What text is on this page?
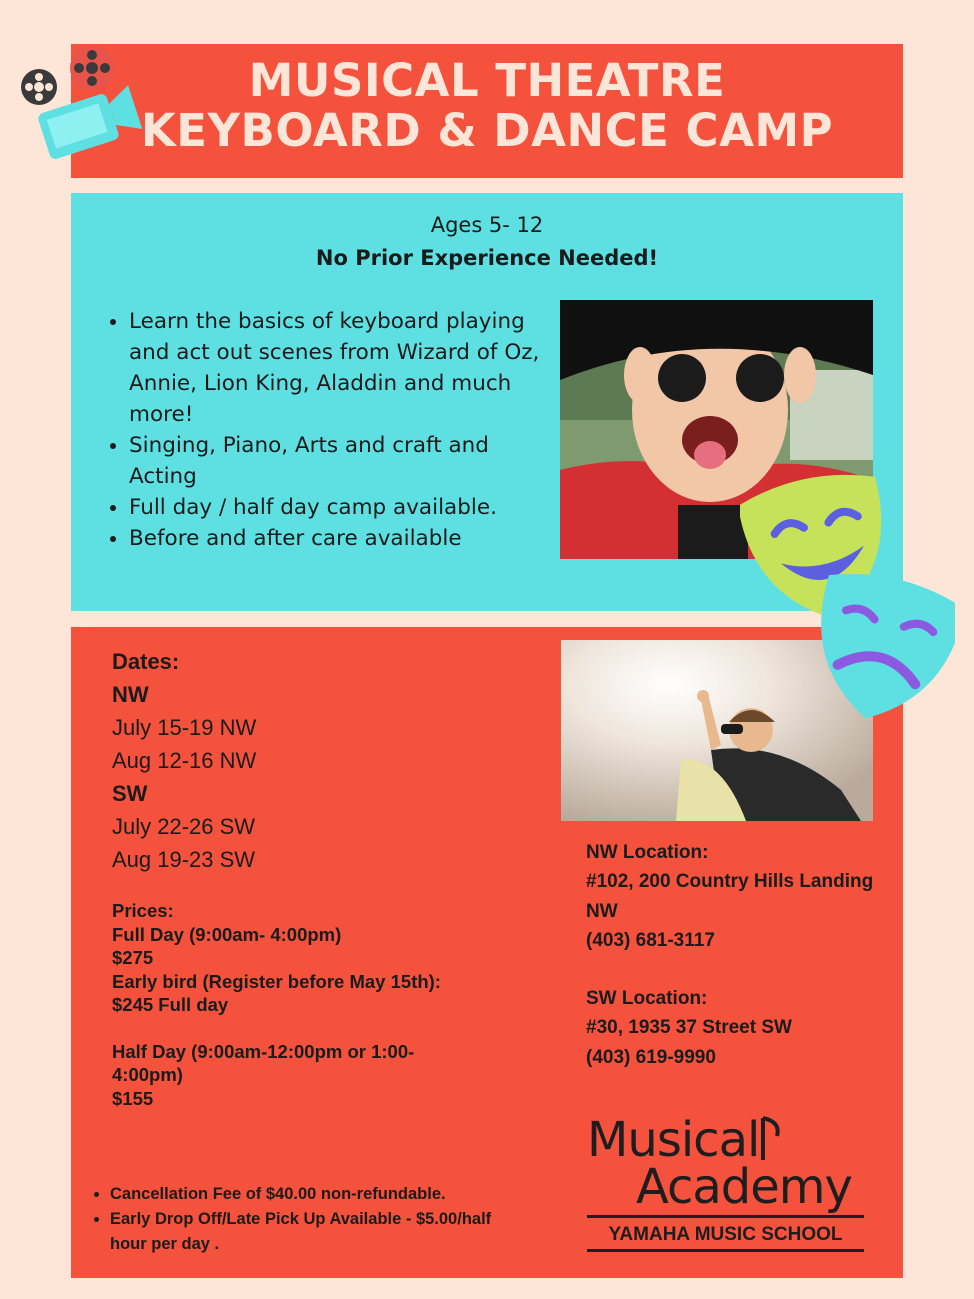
MUSICAL THEATRE
KEYBOARD & DANCE CAMP
Ages 5- 12
No Prior Experience Needed!
• Learn the basics of keyboard playing and act out scenes from Wizard of Oz, Annie, Lion King, Aladdin and much more!
• Singing, Piano, Arts and craft and Acting
• Full day / half day camp available.
• Before and after care available
Dates:
NW
July 15-19 NW
Aug 12-16 NW
SW
July 22-26 SW
Aug 19-23 SW
Prices:
Full Day (9:00am- 4:00pm)
$275
Early bird (Register before May 15th):
$245 Full day
Half Day (9:00am-12:00pm or 1:00-4:00pm)
$155
• Cancellation Fee of $40.00 non-refundable.
• Early Drop Off/Late Pick Up Available - $5.00/half hour per day .
NW Location:
#102, 200 Country Hills Landing NW
(403) 681-3117
SW Location:
#30, 1935 37 Street SW
(403) 619-9990
Musical
Academy
YAMAHA MUSIC SCHOOL
